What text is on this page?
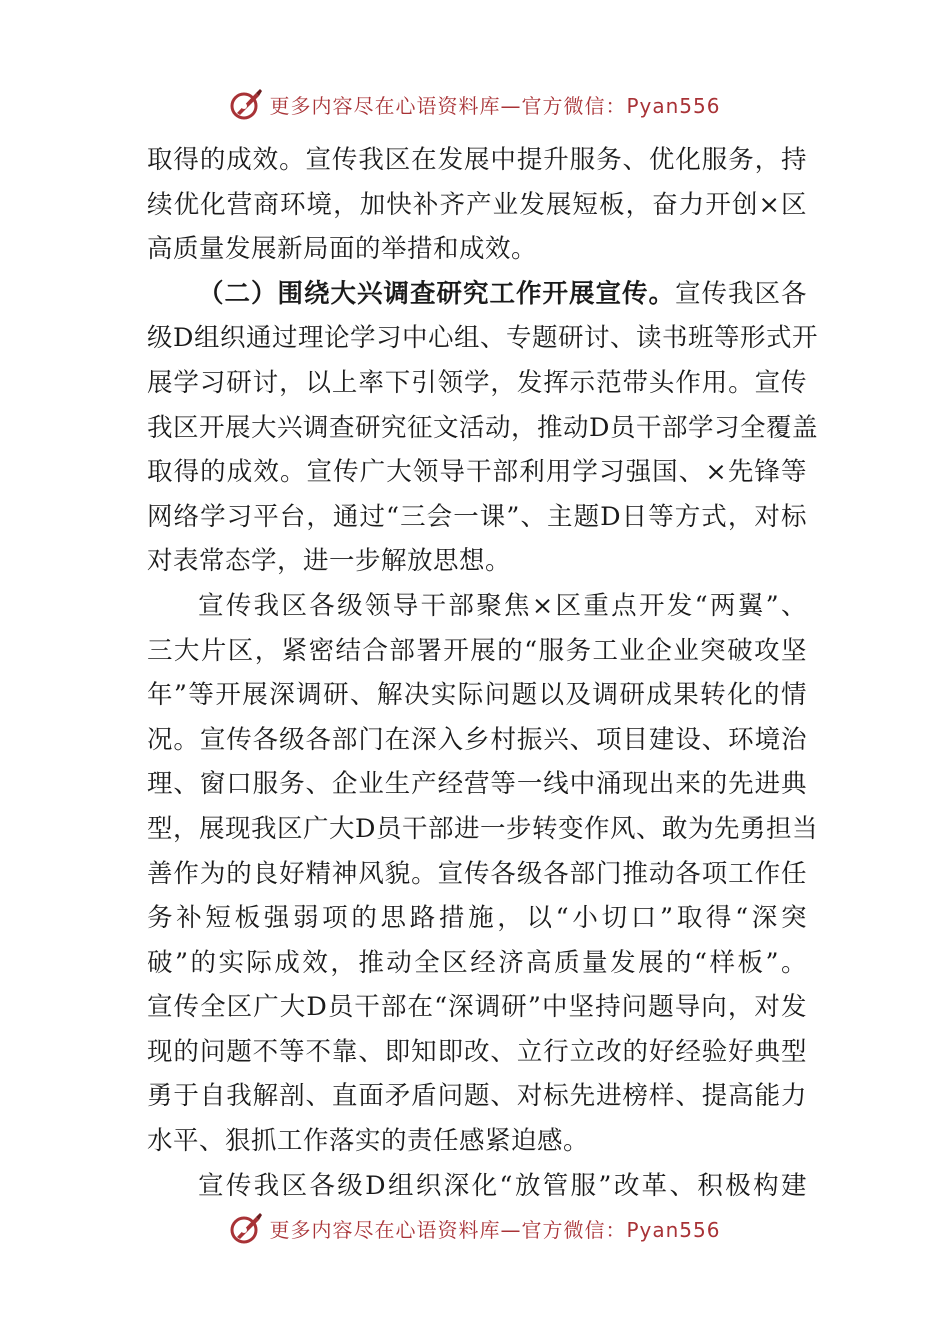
更多内容尽在心语资料库—官方微信：Pyan556
取得的成效。宣传我区在发展中提升服务、优化服务，持
续优化营商环境，加快补齐产业发展短板，奋力开创×区
高质量发展新局面的举措和成效。
（二）围绕大兴调查研究工作开展宣传。宣传我区各
级D组织通过理论学习中心组、专题研讨、读书班等形式开
展学习研讨，以上率下引领学，发挥示范带头作用。宣传
我区开展大兴调查研究征文活动，推动D员干部学习全覆盖
取得的成效。宣传广大领导干部利用学习强国、×先锋等
网络学习平台，通过“三会一课”、主题D日等方式，对标
对表常态学，进一步解放思想。
宣传我区各级领导干部聚焦×区重点开发“两翼”、
三大片区，紧密结合部署开展的“服务工业企业突破攻坚
年”等开展深调研、解决实际问题以及调研成果转化的情
况。宣传各级各部门在深入乡村振兴、项目建设、环境治
理、窗口服务、企业生产经营等一线中涌现出来的先进典
型，展现我区广大D员干部进一步转变作风、敢为先勇担当
善作为的良好精神风貌。宣传各级各部门推动各项工作任
务补短板强弱项的思路措施，以“小切口”取得“深突
破”的实际成效，推动全区经济高质量发展的“样板”。
宣传全区广大D员干部在“深调研”中坚持问题导向，对发
现的问题不等不靠、即知即改、立行立改的好经验好典型
勇于自我解剖、直面矛盾问题、对标先进榜样、提高能力
水平、狠抓工作落实的责任感紧迫感。
宣传我区各级D组织深化“放管服”改革、积极构建
更多内容尽在心语资料库—官方微信：Pyan556
